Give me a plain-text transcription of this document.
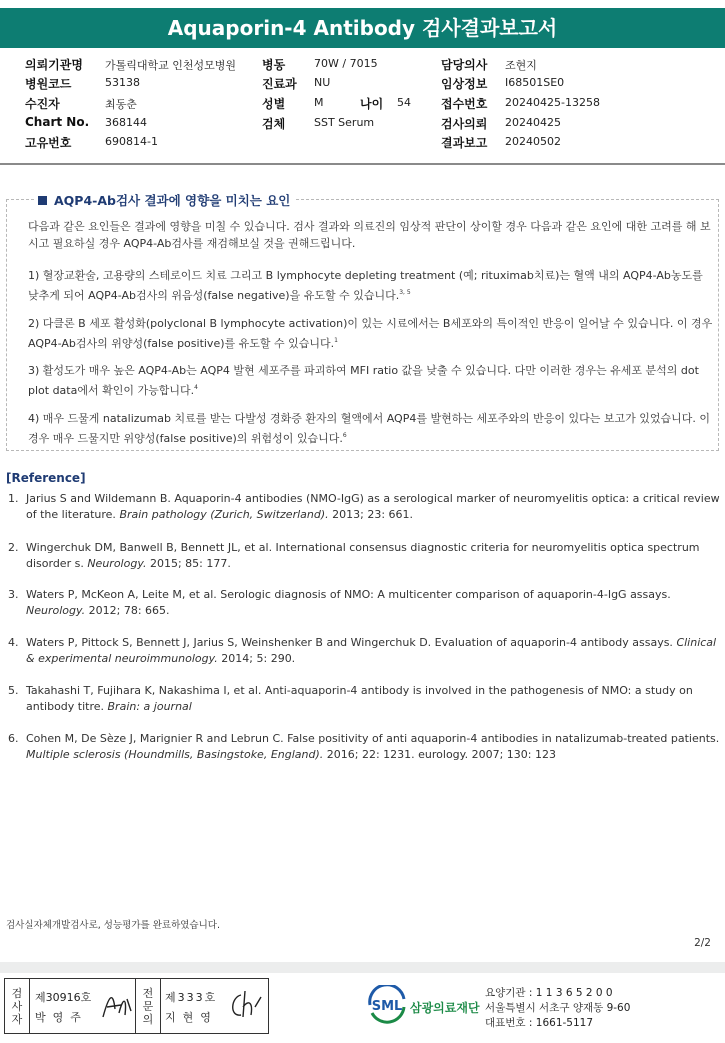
Aquaporin-4 Antibody 검사결과보고서
의뢰기관명 가톨릭대학교 인천성모병원
병원코드	53138
수진자	최동춘
Chart No. 368144
고유번호	690814-1
병동	70W / 7015
진료과 NU
성별	M	나이 54
검체	SST Serum
담당의사 조현지
임상정보 I68501SE0
접수번호 20240425-13258
검사의뢰 20240425
결과보고 20240502
AQP4-Ab검사 결과에 영향을 미치는 요인
다음과 같은 요인들은 결과에 영향을 미칠 수 있습니다. 검사 결과와 의료진의 임상적 판단이 상이할 경우 다음과 같은 요인에 대한 고려를 해 보시고 필요하실 경우 AQP4-Ab검사를 재검해보실 것을 권해드립니다.
1) 혈장교환술, 고용량의 스테로이드 치료 그리고 B lymphocyte depleting treatment (예; rituximab치료)는 혈액 내의 AQP4-Ab농도를 낮추게 되어 AQP4-Ab검사의 위음성(false negative)을 유도할 수 있습니다.$^{3, 5}$
2) 다클론 B 세포 활성화(polyclonal B lymphocyte activation)이 있는 시료에서는 B세포와의 특이적인 반응이 일어날 수 있습니다. 이 경우 AQP4-Ab검사의 위양성(false positive)를 유도할 수 있습니다.$^1$
3) 활성도가 매우 높은 AQP4-Ab는 AQP4 발현 세포주를 파괴하여 MFI ratio 값을 낮출 수 있습니다. 다만 이러한 경우는 유세포 분석의 dot plot data에서 확인이 가능합니다.$^4$
4) 매우 드물게 natalizumab 치료를 받는 다발성 경화증 환자의 혈액에서 AQP4를 발현하는 세포주와의 반응이 있다는 보고가 있었습니다. 이 경우 매우 드물지만 위양성(false positive)의 위험성이 있습니다.$^6$
[Reference]
1. Jarius S and Wildemann B. Aquaporin-4 antibodies (NMO-IgG) as a serological marker of neuromyelitis optica: a critical review of the literature. Brain pathology (Zurich, Switzerland). 2013; 23: 661.
2. Wingerchuk DM, Banwell B, Bennett JL, et al. International consensus diagnostic criteria for neuromyelitis optica spectrum disorder s. Neurology. 2015; 85: 177.
3. Waters P, McKeon A, Leite M, et al. Serologic diagnosis of NMO: A multicenter comparison of aquaporin-4-IgG assays. Neurology. 2012; 78: 665.
4. Waters P, Pittock S, Bennett J, Jarius S, Weinshenker B and Wingerchuk D. Evaluation of aquaporin-4 antibody assays. Clinical & experimental neuroimmunology. 2014; 5: 290.
5. Takahashi T, Fujihara K, Nakashima I, et al. Anti-aquaporin-4 antibody is involved in the pathogenesis of NMO: a study on antibody titre. Brain: a journal
6. Cohen M, De Sèze J, Marignier R and Lebrun C. False positivity of anti aquaporin-4 antibodies in natalizumab-treated patients. Multiple sclerosis (Houndmills, Basingstoke, England). 2016; 22: 1231. eurology. 2007; 130: 123
검사실자체개발검사로, 성능평가를 완료하였습니다.
2/2
검
사
자
제30916호
박영주
전
문
의
제333호
지현영
SML 삼광의료재단
요양기관 : 1 1 3 6 5 2 0 0
서울특별시 서초구 양재동 9-60
대표번호 : 1661-5117
